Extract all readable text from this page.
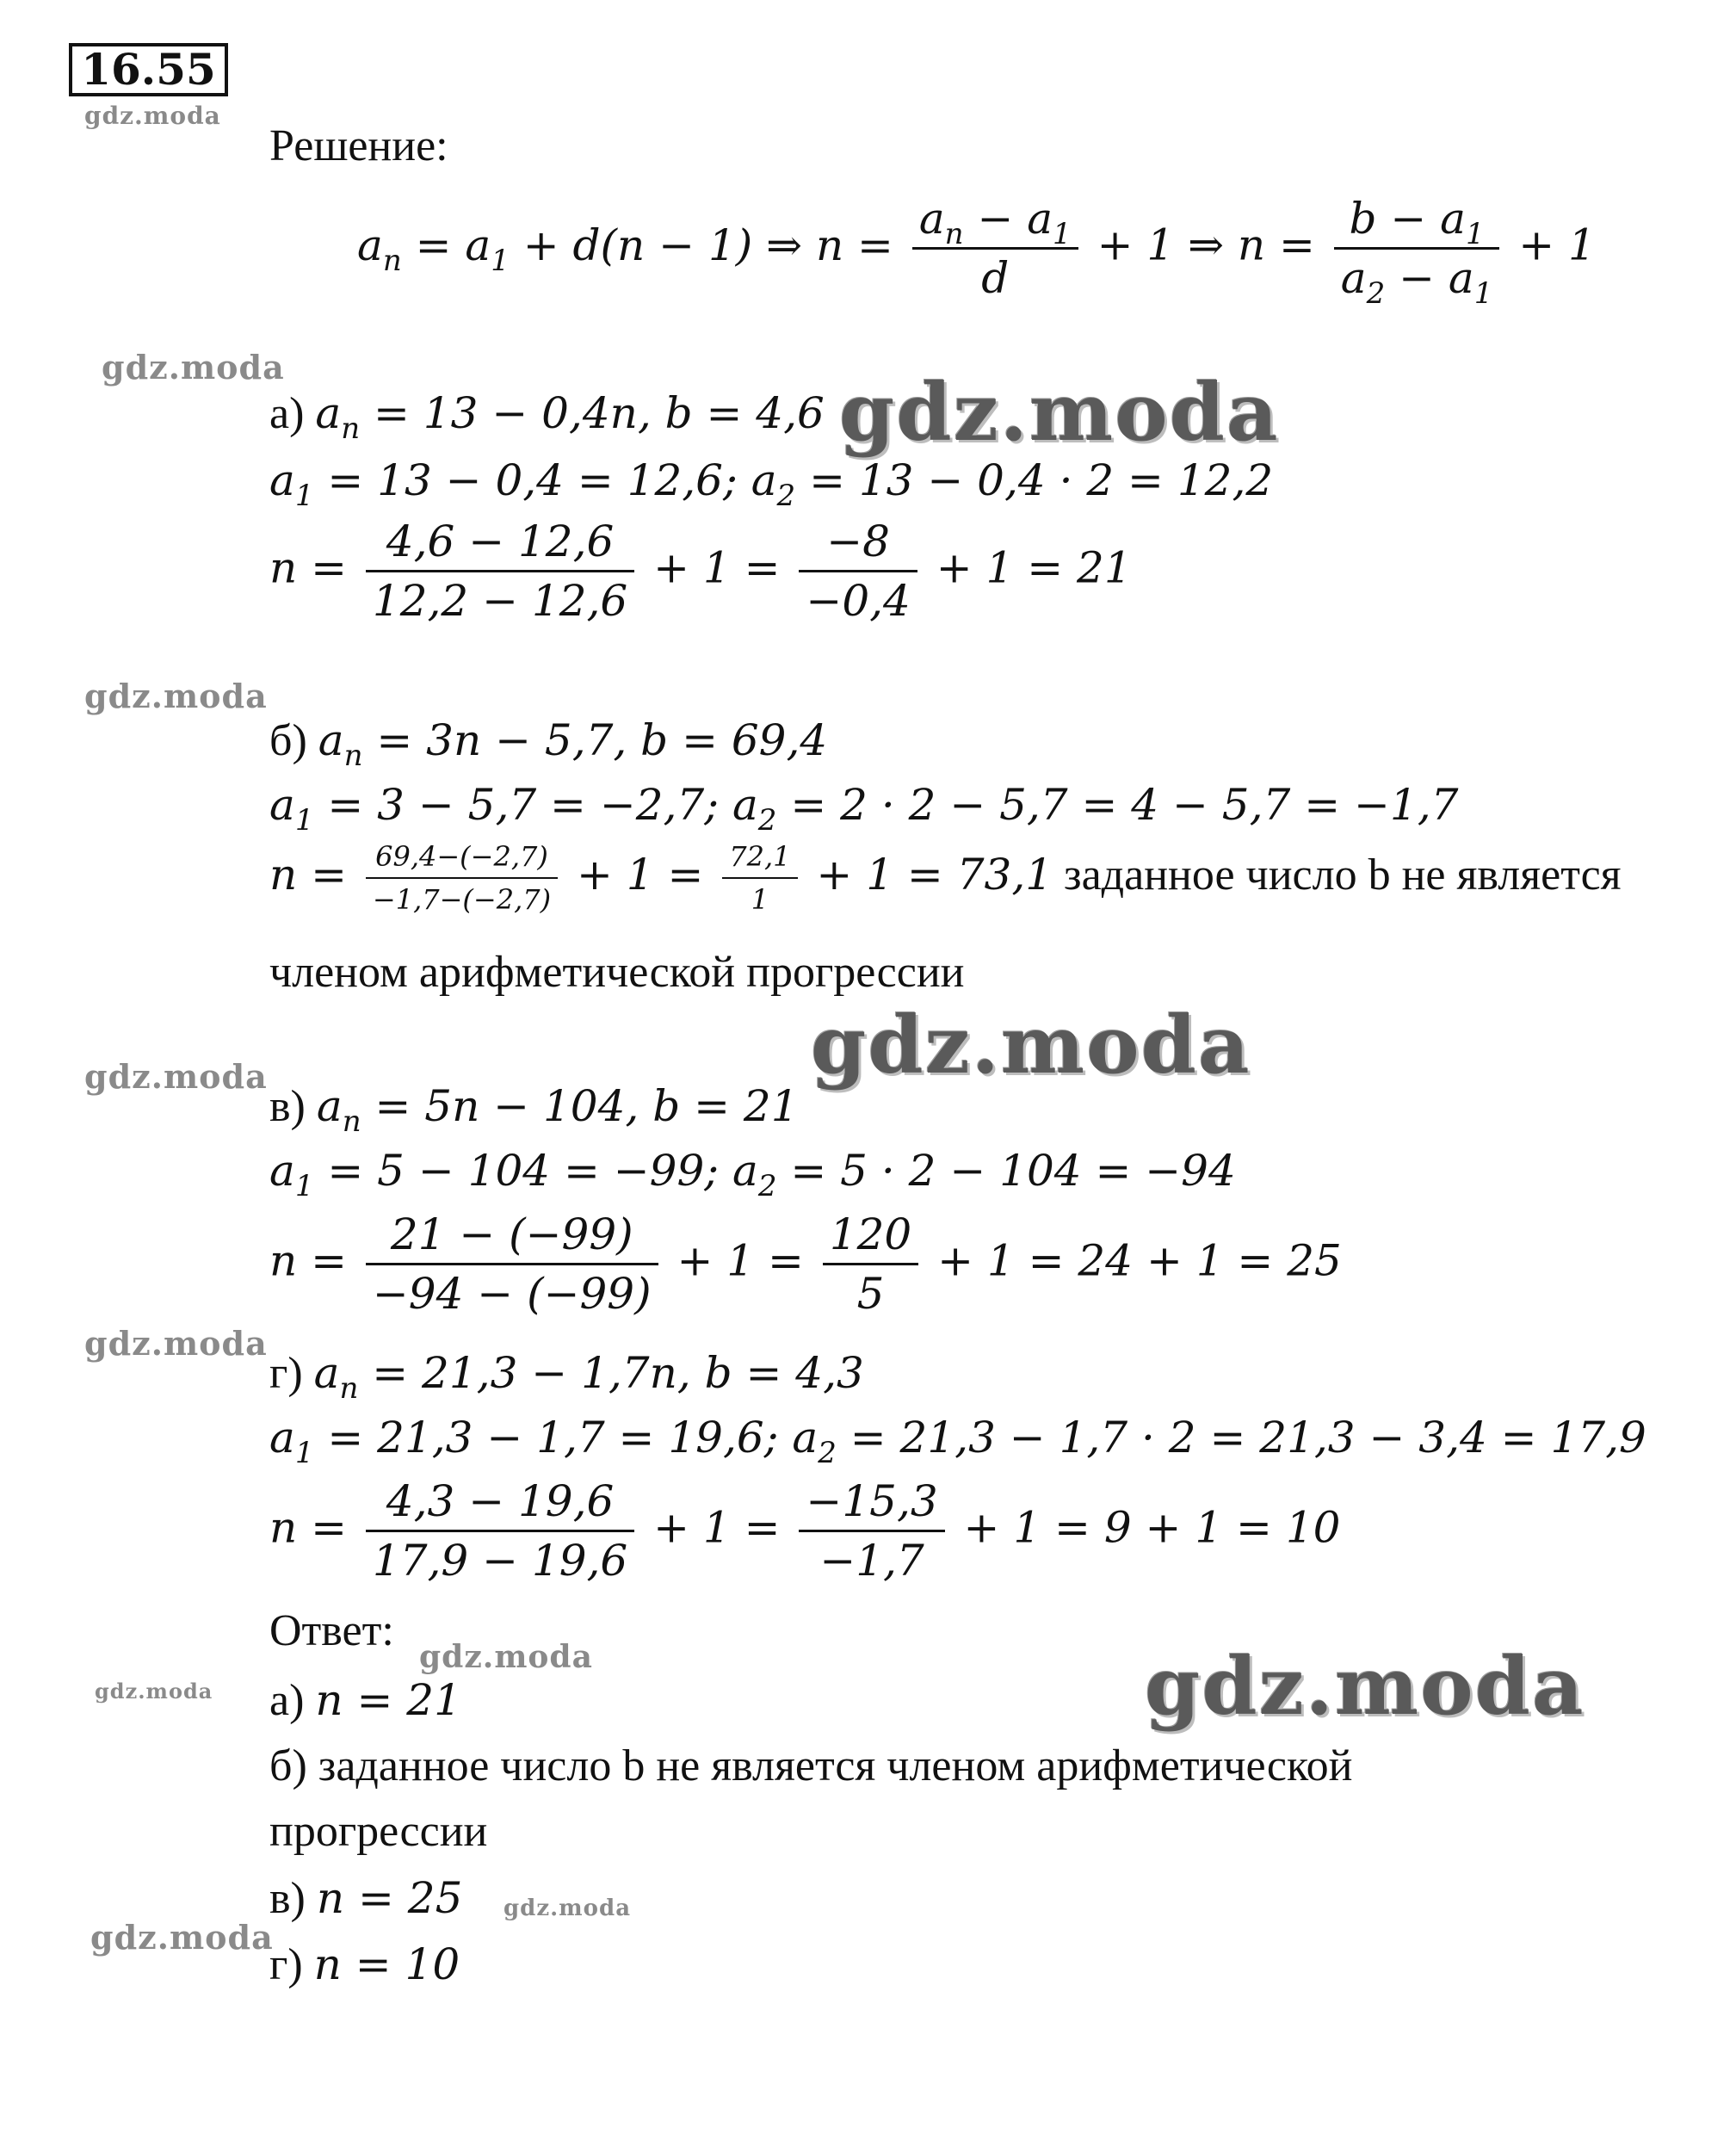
16.55
gdz.moda
gdz.moda	gdz.moda
gdz.moda
gdz.moda	gdz.moda
gdz.moda
gdz.moda	gdz.moda
gdz.moda
gdz.moda
gdz.moda
Решение:
$a_n = a_1 + d(n - 1)$ ⇒ $n = \frac{a_n - a_1}{d} + 1$ ⇒ $n = \frac{b - a_1}{a_2 - a_1} + 1$
а) $a_n = 13 - 0,4n$, b = 4,6
$a_1 = 13 - 0,4 = 12,6$; $a_2 = 13 - 0,4 \cdot 2 = 12,2$
$n = \frac{4,6 - 12,6}{12,2 - 12,6} + 1 = \frac{-8}{-0,4} + 1 = 21$
б) $a_n = 3n - 5,7$, b = 69,4
$a_1 = 3 - 5,7 = -2,7$; $a_2 = 2 \cdot 2 - 5,7 = 4 - 5,7 = -1,7$
$n = \frac{69,4-(-2,7)}{-1,7-(-2,7)} + 1 = \frac{72,1}{1} + 1 = 73,1$ заданное число b не является
членом арифметической прогрессии
в) $a_n = 5n - 104$, b = 21
$a_1 = 5 - 104 = -99$; $a_2 = 5 \cdot 2 - 104 = -94$
$n = \frac{21 - (-99)}{-94 - (-99)} + 1 = \frac{120}{5} + 1 = 24 + 1 = 25$
г) $a_n = 21,3 - 1,7n$, b = 4,3
$a_1 = 21,3 - 1,7 = 19,6$; $a_2 = 21,3 - 1,7 \cdot 2 = 21,3 - 3,4 = 17,9$
$n = \frac{4,3 - 19,6}{17,9 - 19,6} + 1 = \frac{-15,3}{-1,7} + 1 = 9 + 1 = 10$
Ответ:
а) n = 21
б) заданное число b не является членом арифметической
прогрессии
в) n = 25
г) n = 10
